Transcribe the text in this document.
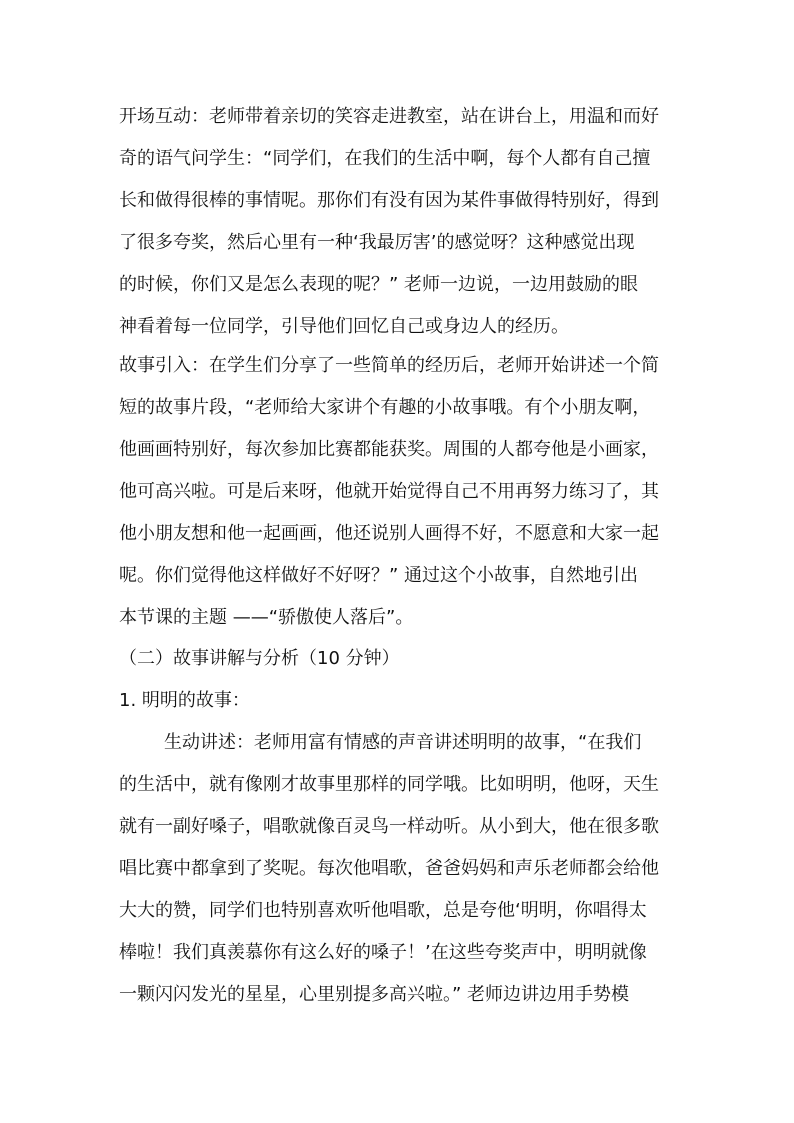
开场互动：老师带着亲切的笑容走进教室，站在讲台上，用温和而好
奇的语气问学生：“同学们，在我们的生活中啊，每个人都有自己擅
长和做得很棒的事情呢。那你们有没有因为某件事做得特别好，得到
了很多夸奖，然后心里有一种‘我最厉害’的感觉呀？这种感觉出现
的时候，你们又是怎么表现的呢？” 老师一边说，一边用鼓励的眼
神看着每一位同学，引导他们回忆自己或身边人的经历。
故事引入：在学生们分享了一些简单的经历后，老师开始讲述一个简
短的故事片段，“老师给大家讲个有趣的小故事哦。有个小朋友啊，
他画画特别好，每次参加比赛都能获奖。周围的人都夸他是小画家，
他可高兴啦。可是后来呀，他就开始觉得自己不用再努力练习了，其
他小朋友想和他一起画画，他还说别人画得不好，不愿意和大家一起
呢。你们觉得他这样做好不好呀？” 通过这个小故事，自然地引出
本节课的主题 ——“骄傲使人落后”。
（二）故事讲解与分析（10 分钟）
1. 明明的故事：
生动讲述：老师用富有情感的声音讲述明明的故事，“在我们
的生活中，就有像刚才故事里那样的同学哦。比如明明，他呀，天生
就有一副好嗓子，唱歌就像百灵鸟一样动听。从小到大，他在很多歌
唱比赛中都拿到了奖呢。每次他唱歌，爸爸妈妈和声乐老师都会给他
大大的赞，同学们也特别喜欢听他唱歌，总是夸他‘明明，你唱得太
棒啦！我们真羡慕你有这么好的嗓子！’在这些夸奖声中，明明就像
一颗闪闪发光的星星，心里别提多高兴啦。” 老师边讲边用手势模
